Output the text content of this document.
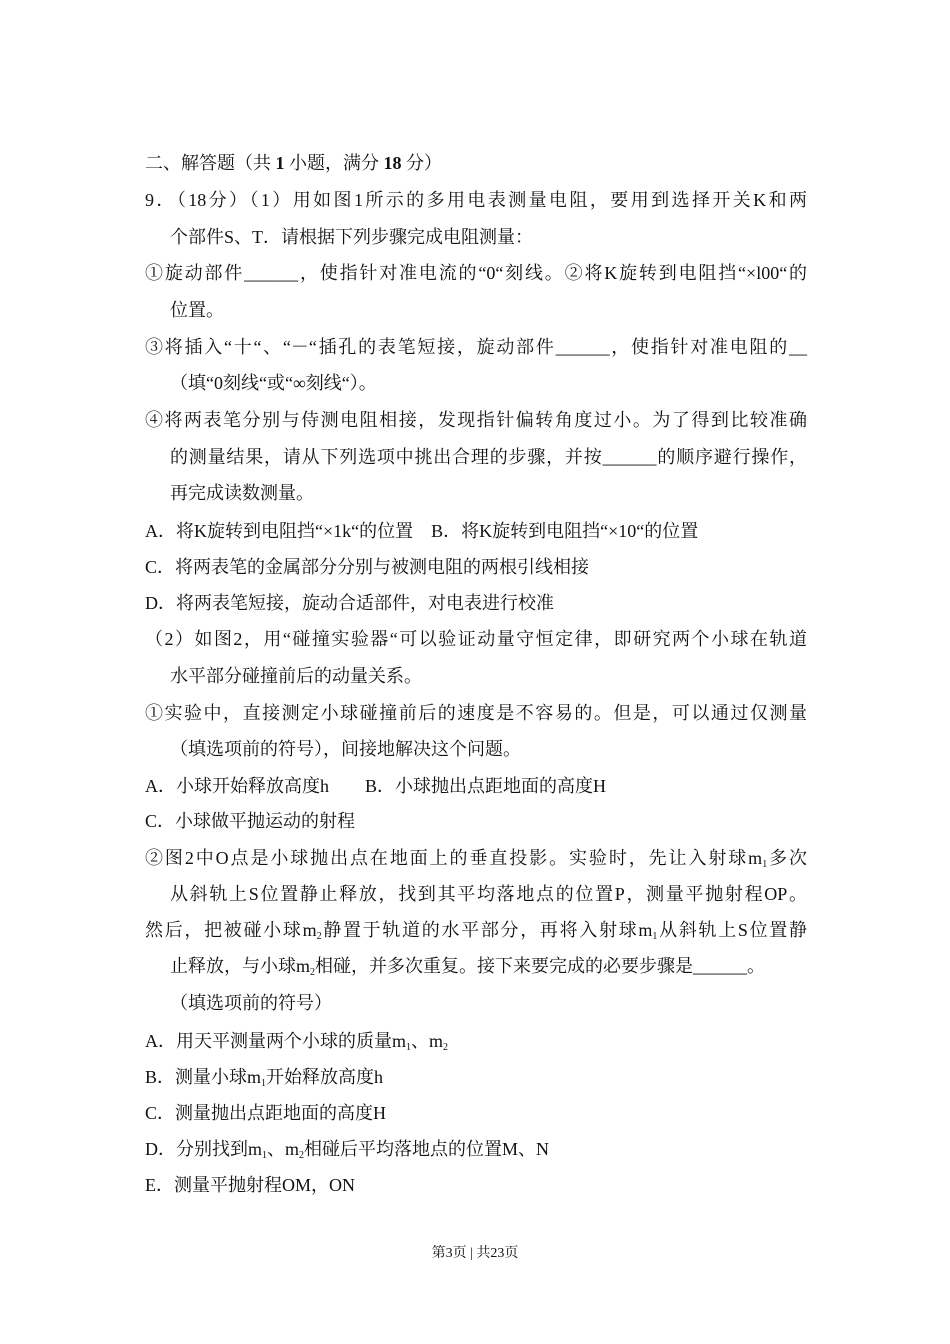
二、解答题（共 1 小题，满分 18 分）
9．（18分）（1）用如图1所示的多用电表测量电阻，要用到选择开关K和两
个部件S、T．请根据下列步骤完成电阻测量：
①旋动部件______，使指针对准电流的“0“刻线。②将K旋转到电阻挡“×l00“的
位置。
③将插入“十“、“－“插孔的表笔短接，旋动部件______，使指针对准电阻的__
（填“0刻线“或“∞刻线“）。
④将两表笔分别与侍测电阻相接，发现指针偏转角度过小。为了得到比较准确
的测量结果，请从下列选项中挑出合理的步骤，并按______的顺序避行操作，
再完成读数测量。
A．将K旋转到电阻挡“×1k“的位置　B．将K旋转到电阻挡“×10“的位置
C．将两表笔的金属部分分别与被测电阻的两根引线相接
D．将两表笔短接，旋动合适部件，对电表进行校准
（2）如图2，用“碰撞实验器“可以验证动量守恒定律，即研究两个小球在轨道
水平部分碰撞前后的动量关系。
①实验中，直接测定小球碰撞前后的速度是不容易的。但是，可以通过仅测量
（填选项前的符号），间接地解决这个问题。
A．小球开始释放高度h　　B．小球抛出点距地面的高度H
C．小球做平抛运动的射程
②图2中O点是小球抛出点在地面上的垂直投影。实验时，先让入射球$m_1$多次
从斜轨上S位置静止释放，找到其平均落地点的位置P，测量平抛射程OP。
然后，把被碰小球$m_2$静置于轨道的水平部分，再将入射球$m_1$从斜轨上S位置静
止释放，与小球$m_2$相碰，并多次重复。接下来要完成的必要步骤是______。
（填选项前的符号）
A．用天平测量两个小球的质量$m_1$、$m_2$
B．测量小球$m_1$开始释放高度h
C．测量抛出点距地面的高度H
D．分别找到$m_1$、$m_2$相碰后平均落地点的位置M、N
E．测量平抛射程OM，ON
第3页 | 共23页
